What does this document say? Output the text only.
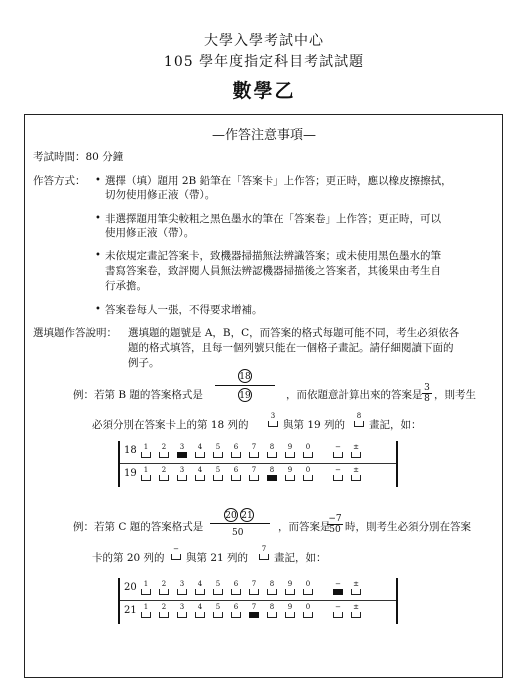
大學入學考試中心
105 學年度指定科目考試試題
數學乙
—作答注意事項—
考試時間：80 分鐘
作答方式： • 選擇（填）題用 2B 鉛筆在「答案卡」上作答；更正時，應以橡皮擦擦拭，
切勿使用修正液（帶）。
• 非選擇題用筆尖較粗之黑色墨水的筆在「答案卷」上作答；更正時，可以
使用修正液（帶）。
• 未依規定畫記答案卡，致機器掃描無法辨識答案；或未使用黑色墨水的筆
書寫答案卷，致評閱人員無法辨認機器掃描後之答案者，其後果由考生自
行承擔。
• 答案卷每人一張，不得要求增補。
選填題作答說明： 選填題的題號是 A，B，C，而答案的格式每題可能不同，考生必須依各
題的格式填答，且每一個列號只能在一個格子畫記。請仔細閱讀下面的
例子。
例：若第 B 題的答案格式是
18
19	，而依題意計算出來的答案是 $\frac{3}{8}$ ，則考生
必須分別在答案卡上的第 18 列的
3
與第 19 列的
8
畫記，如：
18	1	2	3	4	5	6	7	8	9	0	−	±
19	1	2	3	4	5	6	7	8	9	0	−	±
例：若第 C 題的答案格式是
20 21
50	，而答案是
$\frac{-7}{50}$ 時，則考生必須分別在答案
卡的第 20 列的
−
與第 21 列的
7
畫記，如：
20	1	2	3	4	5	6	7	8	9	0	−	±
21	1	2	3	4	5	6	7	8	9	0	−	±
